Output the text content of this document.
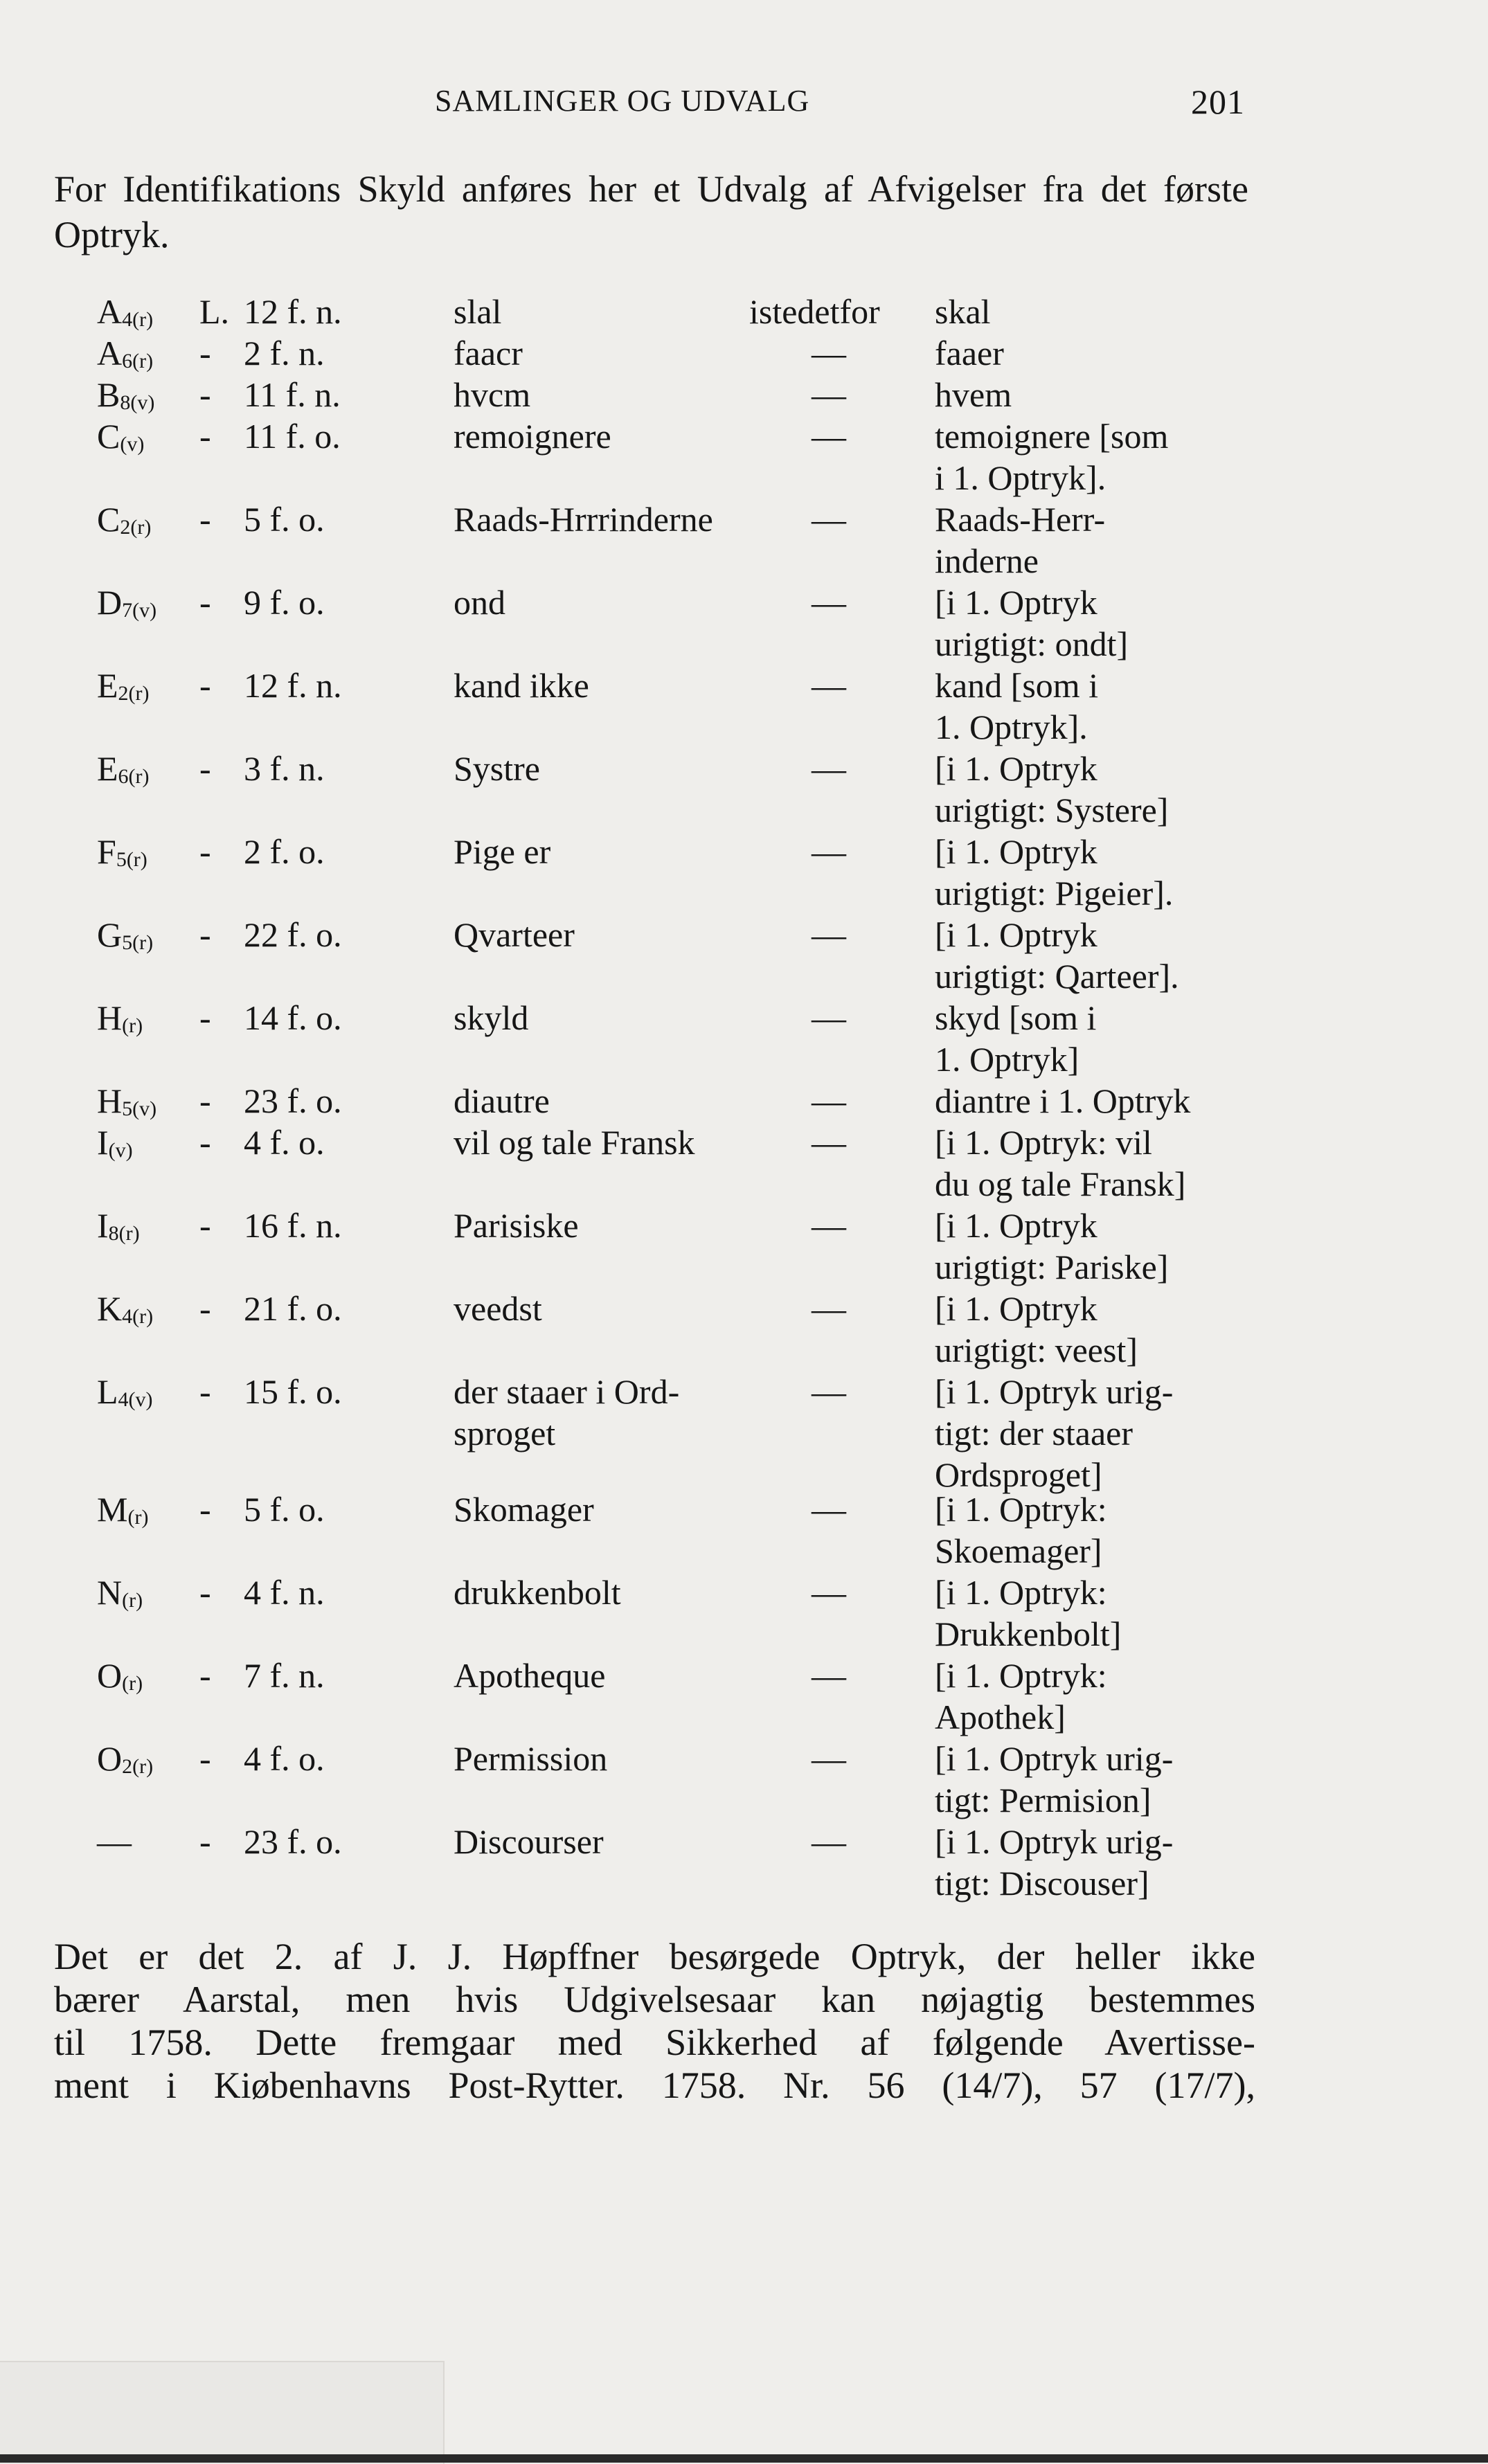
SAMLINGER OG UDVALG	201
For Identifikations Skyld anføres her et Udvalg af Afvigelser fra det første Optryk.
A4(r) L. 12 f. n.	slal	istedetfor skal
A6(r) - 2 f. n.	faacr	—	faaer
B8(v) - 11 f. n.	hvcm	—	hvem
C(v) - 11 f. o.	remoignere	—	temoignere [som
i 1. Optryk].
C2(r) - 5 f. o.	Raads-Hrrrinderne	—	Raads-Herr-
inderne
D7(v) - 9 f. o.	ond	—	[i 1. Optryk
urigtigt: ondt]
E2(r) - 12 f. n.	kand ikke	—	kand [som i
1. Optryk].
E6(r) - 3 f. n.	Systre	—	[i 1. Optryk
urigtigt: Systere]
F5(r) - 2 f. o.	Pige er	—	[i 1. Optryk
urigtigt: Pigeier].
G5(r) - 22 f. o.	Qvarteer	—	[i 1. Optryk
urigtigt: Qarteer].
H(r) - 14 f. o.	skyld	—	skyd [som i
1. Optryk]
H5(v) - 23 f. o.	diautre	—	diantre i 1. Optryk
I(v) - 4 f. o.	vil og tale Fransk	—	[i 1. Optryk: vil
du og tale Fransk]
I8(r) - 16 f. n.	Parisiske	—	[i 1. Optryk
urigtigt: Pariske]
K4(r) - 21 f. o.	veedst	—	[i 1. Optryk
urigtigt: veest]
L4(v) - 15 f. o.	der staaer i Ord-
sproget
—	[i 1. Optryk urig-
tigt: der staaer
Ordsproget]
M(r) - 5 f. o.	Skomager	—	[i 1. Optryk:
Skoemager]
N(r) - 4 f. n.	drukkenbolt	—	[i 1. Optryk:
Drukkenbolt]
O(r) - 7 f. n.	Apotheque	—	[i 1. Optryk:
Apothek]
O2(r) - 4 f. o.	Permission	—	[i 1. Optryk urig-
tigt: Permision]
— - 23 f. o.	Discourser	—	[i 1. Optryk urig-
tigt: Discouser]
Det er det 2. af J. J. Høpffner besørgede Optryk, der heller ikke
bærer Aarstal, men hvis Udgivelsesaar kan nøjagtig bestemmes
til 1758. Dette fremgaar med Sikkerhed af følgende Avertisse-
ment i Kiøbenhavns Post-Rytter. 1758. Nr. 56 (14/7), 57 (17/7),
